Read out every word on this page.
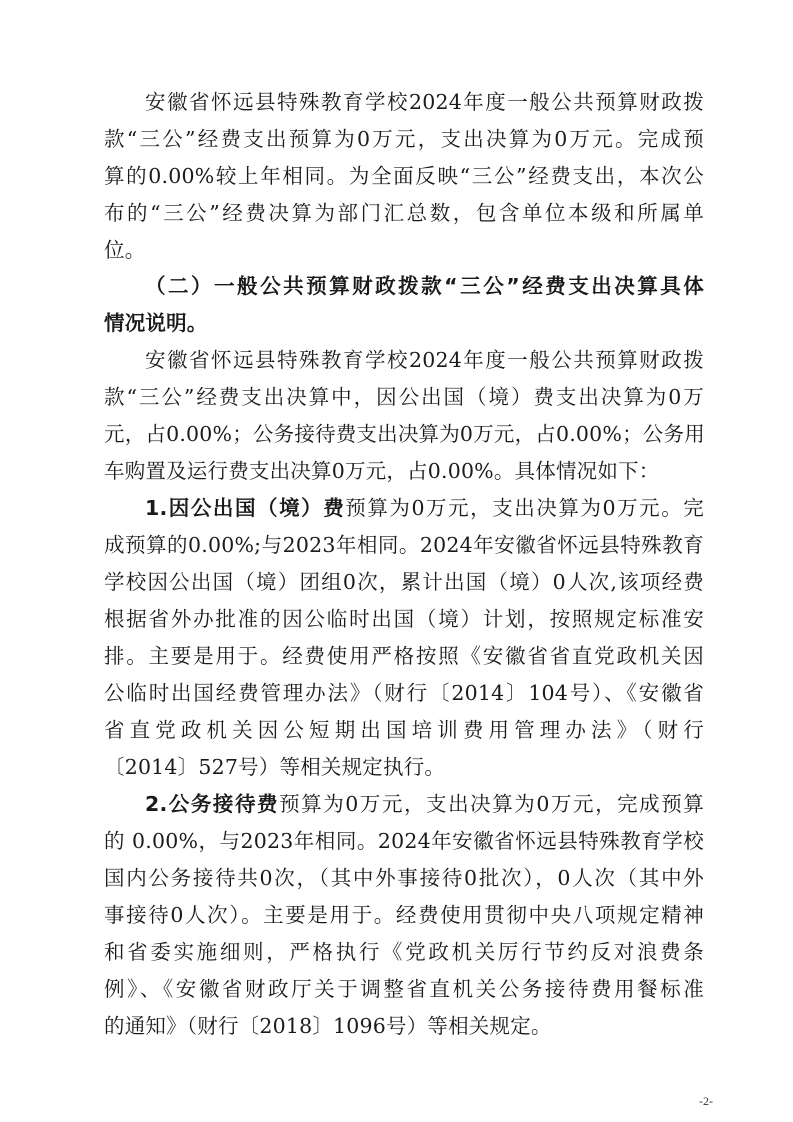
安徽省怀远县特殊教育学校2024年度一般公共预算财政拨
款“三公”经费支出预算为0万元，支出决算为0万元。完成预
算的0.00%较上年相同。为全面反映“三公”经费支出，本次公
布的“三公”经费决算为部门汇总数，包含单位本级和所属单
位。
（二）一般公共预算财政拨款“三公”经费支出决算具体
情况说明。
安徽省怀远县特殊教育学校2024年度一般公共预算财政拨
款“三公”经费支出决算中，因公出国（境）费支出决算为0万
元，占0.00%；公务接待费支出决算为0万元，占0.00%；公务用
车购置及运行费支出决算0万元，占0.00%。具体情况如下：
1.因公出国（境）费预算为0万元，支出决算为0万元。完
成预算的0.00%;与2023年相同。2024年安徽省怀远县特殊教育
学校因公出国（境）团组0次，累计出国（境）0人次,该项经费
根据省外办批准的因公临时出国（境）计划，按照规定标准安
排。主要是用于。经费使用严格按照《安徽省省直党政机关因
公临时出国经费管理办法》（财行〔2014〕104号）、《安徽省
省直党政机关因公短期出国培训费用管理办法》（财行
〔2014〕527号）等相关规定执行。
2.公务接待费预算为0万元，支出决算为0万元，完成预算
的 0.00%，与2023年相同。2024年安徽省怀远县特殊教育学校
国内公务接待共0次，（其中外事接待0批次），0人次（其中外
事接待0人次）。主要是用于。经费使用贯彻中央八项规定精神
和省委实施细则，严格执行《党政机关厉行节约反对浪费条
例》、《安徽省财政厅关于调整省直机关公务接待费用餐标准
的通知》（财行〔2018〕1096号）等相关规定。
-2-
